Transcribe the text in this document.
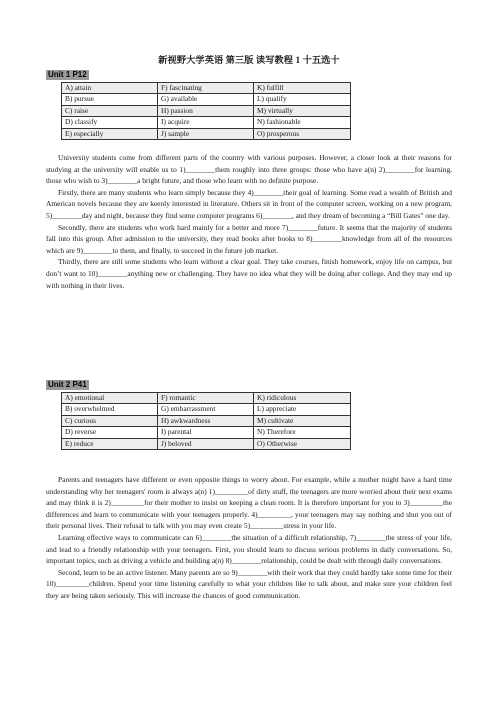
新视野大学英语 第三版 读写教程 1 十五选十
Unit 1 P12
A) attain	F) fascinating	K) fulfill
B) pursue	G) available	L) qualify
C) raise	H) passion	M) virtually
D) classify	I) acquire	N) fashionable
E) especially	J) sample	O) prosperous

University students come from different parts of the country with various purposes. However, a closer look at their reasons for studying at the university will enable us to 1)________them roughly into three groups: those who have a(n) 2)________for learning, those who wish to 3)________a bright future, and those who learn with no definite purpose.

Firstly, there are many students who learn simply because they 4)________their goal of learning. Some read a wealth of British and American novels because they are keenly interested in literature. Others sit in front of the computer screen, working on a new program, 5)________day and night, because they find some computer programs 6)________, and they dream of becoming a “Bill Gates” one day.

Secondly, there are students who work hard mainly for a better and more 7)________future. It seems that the majority of students fall into this group. After admission to the university, they read books after books to 8)________knowledge from all of the resources which are 9)________to them, and finally, to succeed in the future job market.

Thirdly, there are still some students who learn without a clear goal. They take courses, finish homework, enjoy life on campus, but don’t want to 10)________anything new or challenging. They have no idea what they will be doing after college. And they may end up with nothing in their lives.

Unit 2 P41
A) emotional	F) romantic	K) ridiculous
B) overwhelmed	G) embarrassment	L) appreciate
C) curious	H) awkwardness	M) cultivate
D) reverse	I) parental	N) Therefore
E) reduce	J) beloved	O) Otherwise

Parents and teenagers have different or even opposite things to worry about. For example, while a mother might have a hard time understanding why her teenagers' room is always a(n) 1)_________of dirty stuff, the teenagers are more worried about their next exams and may think it is 2)_________for their mother to insist on keeping a clean room. It is therefore important for you to 3)_________the differences and learn to communicate with your teenagers properly. 4)_________, your teenagers may say nothing and shut you out of their personal lives. Their refusal to talk with you may even create 5)_________stress in your life.

Learning effective ways to communicate can 6)________the situation of a difficult relationship, 7)________the stress of your life, and lead to a friendly relationship with your teenagers. First, you should learn to discuss serious problems in daily conversations. So, important topics, such as driving a vehicle and building a(n) 8)________relationship, could be dealt with through daily conversations.

Second, learn to be an active listener. Many parents are so 9)________with their work that they could hardly take some time for their 10)_________children. Spend your time listening carefully to what your children like to talk about, and make sure your children feel they are being taken seriously. This will increase the chances of good communication.
